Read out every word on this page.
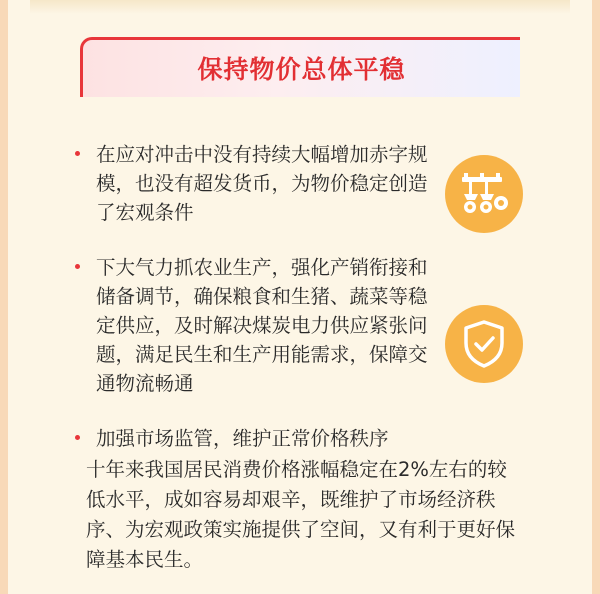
保持物价总体平稳
在应对冲击中没有持续大幅增加赤字规模，也没有超发货币，为物价稳定创造了宏观条件
下大气力抓农业生产，强化产销衔接和储备调节，确保粮食和生猪、蔬菜等稳定供应，及时解决煤炭电力供应紧张问题，满足民生和生产用能需求，保障交通物流畅通
加强市场监管，维护正常价格秩序
十年来我国居民消费价格涨幅稳定在2%左右的较低水平，成如容易却艰辛，既维护了市场经济秩序、为宏观政策实施提供了空间，又有利于更好保障基本民生。
